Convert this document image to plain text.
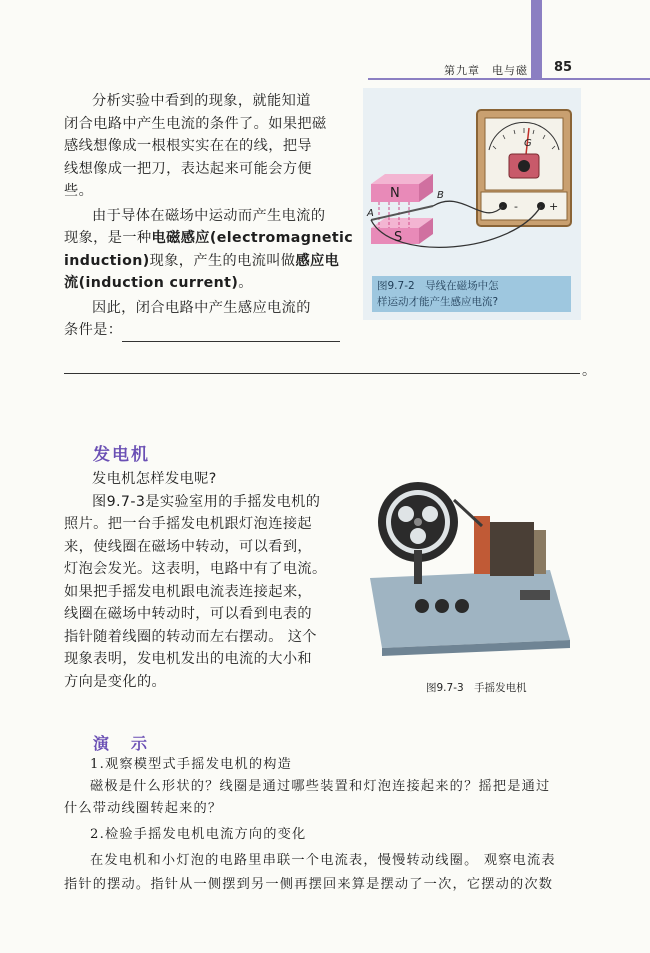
第九章　电与磁 85

分析实验中看到的现象，就能知道

闭合电路中产生电流的条件了。如果把磁

感线想像成一根根实实在在的线，把导

线想像成一把刀，表达起来可能会方便

些。

由于导体在磁场中运动而产生电流的

现象，是一种电磁感应(electromagnetic

induction)现象，产生的电流叫做感应电

流(induction current)。

因此，闭合电路中产生感应电流的

条件是：

。
G
-	+
N
S
A
B
图9.7-2　导线在磁场中怎
样运动才能产生感应电流?
发电机

发电机怎样发电呢?

图9.7-3是实验室用的手摇发电机的

照片。把一台手摇发电机跟灯泡连接起

来，使线圈在磁场中转动，可以看到，

灯泡会发光。这表明，电路中有了电流。

如果把手摇发电机跟电流表连接起来，

线圈在磁场中转动时，可以看到电表的

指针随着线圈的转动而左右摆动。 这个

现象表明，发电机发出的电流的大小和

方向是变化的。	图9.7-3　手摇发电机
演　示

1.观察模型式手摇发电机的构造

磁极是什么形状的？线圈是通过哪些装置和灯泡连接起来的？摇把是通过

什么带动线圈转起来的？

2.检验手摇发电机电流方向的变化

在发电机和小灯泡的电路里串联一个电流表，慢慢转动线圈。 观察电流表

指针的摆动。指针从一侧摆到另一侧再摆回来算是摆动了一次，它摆动的次数
